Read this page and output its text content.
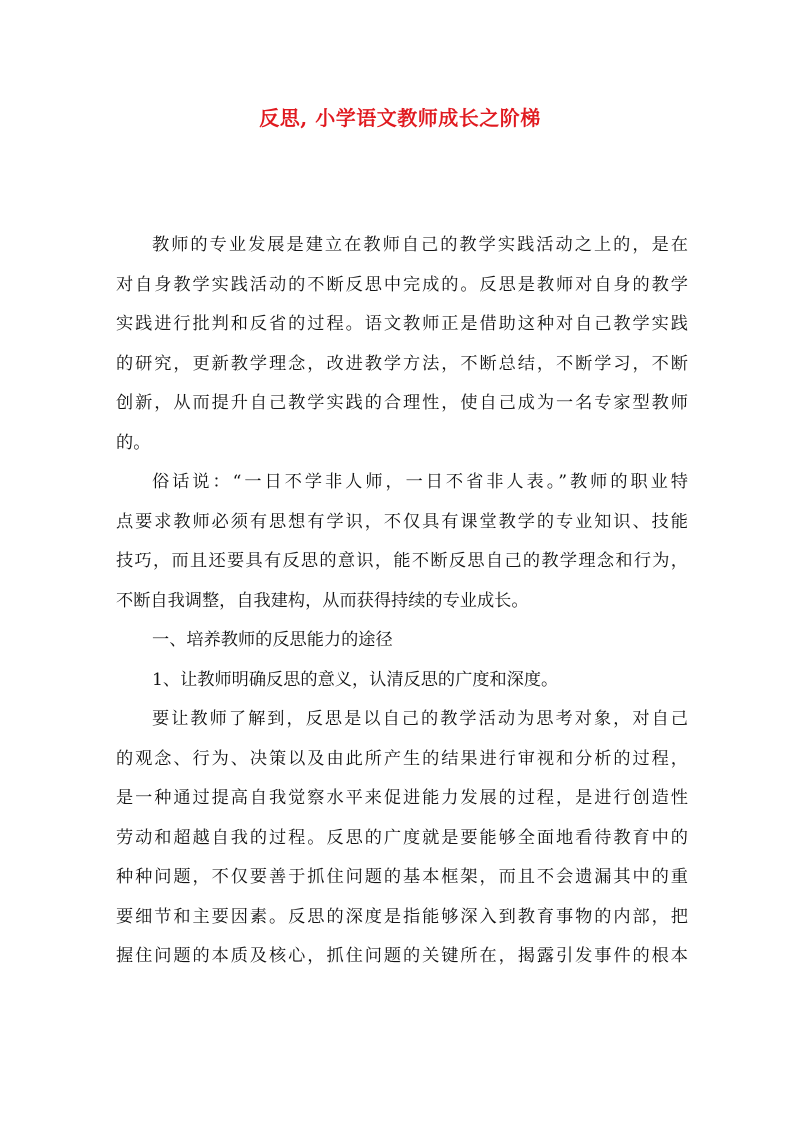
反思, 小学语文教师成长之阶梯
教师的专业发展是建立在教师自己的教学实践活动之上的，是在
对自身教学实践活动的不断反思中完成的。反思是教师对自身的教学
实践进行批判和反省的过程。语文教师正是借助这种对自己教学实践
的研究，更新教学理念，改进教学方法，不断总结，不断学习，不断
创新，从而提升自己教学实践的合理性，使自己成为一名专家型教师
的。
俗话说：“一日不学非人师，一日不省非人表。”教师的职业特
点要求教师必须有思想有学识，不仅具有课堂教学的专业知识、技能
技巧，而且还要具有反思的意识，能不断反思自己的教学理念和行为，
不断自我调整，自我建构，从而获得持续的专业成长。
一、培养教师的反思能力的途径
1、让教师明确反思的意义，认清反思的广度和深度。
要让教师了解到，反思是以自己的教学活动为思考对象，对自己
的观念、行为、决策以及由此所产生的结果进行审视和分析的过程，
是一种通过提高自我觉察水平来促进能力发展的过程，是进行创造性
劳动和超越自我的过程。反思的广度就是要能够全面地看待教育中的
种种问题，不仅要善于抓住问题的基本框架，而且不会遗漏其中的重
要细节和主要因素。反思的深度是指能够深入到教育事物的内部，把
握住问题的本质及核心，抓住问题的关键所在，揭露引发事件的根本
